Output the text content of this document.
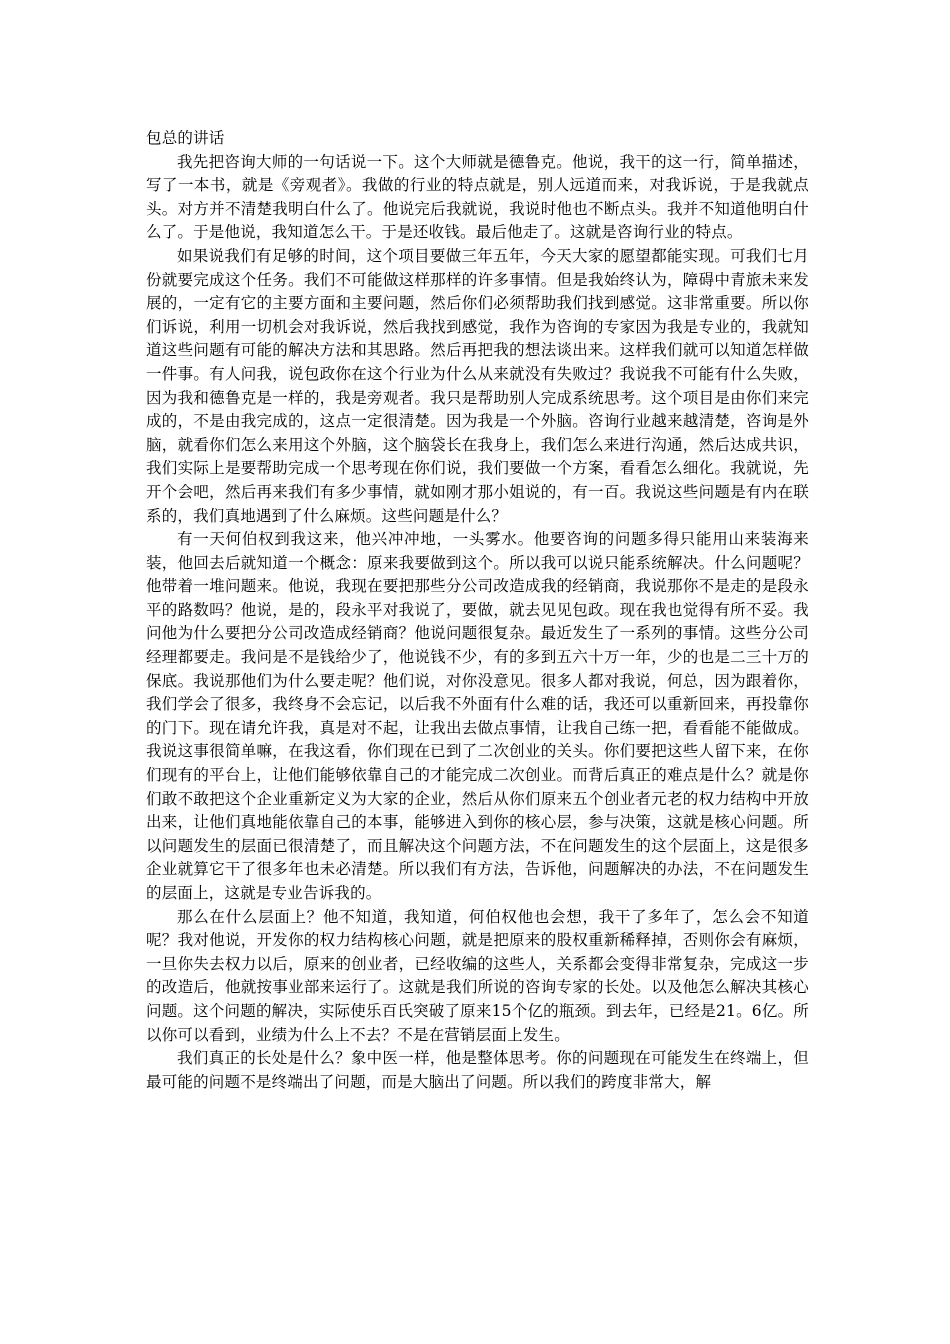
包总的讲话

我先把咨询大师的一句话说一下。这个大师就是德鲁克。他说，我干的这一行，简单描述，写了一本书，就是《旁观者》。我做的行业的特点就是，别人远道而来，对我诉说，于是我就点头。对方并不清楚我明白什么了。他说完后我就说，我说时他也不断点头。我并不知道他明白什么了。于是他说，我知道怎么干。于是还收钱。最后他走了。这就是咨询行业的特点。

如果说我们有足够的时间，这个项目要做三年五年，今天大家的愿望都能实现。可我们七月份就要完成这个任务。我们不可能做这样那样的许多事情。但是我始终认为，障碍中青旅未来发展的，一定有它的主要方面和主要问题，然后你们必须帮助我们找到感觉。这非常重要。所以你们诉说，利用一切机会对我诉说，然后我找到感觉，我作为咨询的专家因为我是专业的，我就知道这些问题有可能的解决方法和其思路。然后再把我的想法谈出来。这样我们就可以知道怎样做一件事。有人问我，说包政你在这个行业为什么从来就没有失败过？我说我不可能有什么失败，因为我和德鲁克是一样的，我是旁观者。我只是帮助别人完成系统思考。这个项目是由你们来完成的，不是由我完成的，这点一定很清楚。因为我是一个外脑。咨询行业越来越清楚，咨询是外脑，就看你们怎么来用这个外脑，这个脑袋长在我身上，我们怎么来进行沟通，然后达成共识，我们实际上是要帮助完成一个思考现在你们说，我们要做一个方案，看看怎么细化。我就说，先开个会吧，然后再来我们有多少事情，就如刚才那小姐说的，有一百。我说这些问题是有内在联系的，我们真地遇到了什么麻烦。这些问题是什么？

有一天何伯权到我这来，他兴冲冲地，一头雾水。他要咨询的问题多得只能用山来装海来装，他回去后就知道一个概念：原来我要做到这个。所以我可以说只能系统解决。什么问题呢？他带着一堆问题来。他说，我现在要把那些分公司改造成我的经销商，我说那你不是走的是段永平的路数吗？他说，是的，段永平对我说了，要做，就去见见包政。现在我也觉得有所不妥。我问他为什么要把分公司改造成经销商？他说问题很复杂。最近发生了一系列的事情。这些分公司经理都要走。我问是不是钱给少了，他说钱不少，有的多到五六十万一年，少的也是二三十万的保底。我说那他们为什么要走呢？他们说，对你没意见。很多人都对我说，何总，因为跟着你，我们学会了很多，我终身不会忘记，以后我不外面有什么难的话，我还可以重新回来，再投靠你的门下。现在请允许我，真是对不起，让我出去做点事情，让我自己练一把，看看能不能做成。我说这事很简单嘛，在我这看，你们现在已到了二次创业的关头。你们要把这些人留下来，在你们现有的平台上，让他们能够依靠自己的才能完成二次创业。而背后真正的难点是什么？就是你们敢不敢把这个企业重新定义为大家的企业，然后从你们原来五个创业者元老的权力结构中开放出来，让他们真地能依靠自己的本事，能够进入到你的核心层，参与决策，这就是核心问题。所以问题发生的层面已很清楚了，而且解决这个问题方法，不在问题发生的这个层面上，这是很多企业就算它干了很多年也未必清楚。所以我们有方法，告诉他，问题解决的办法，不在问题发生的层面上，这就是专业告诉我的。

那么在什么层面上？他不知道，我知道，何伯权他也会想，我干了多年了，怎么会不知道呢？我对他说，开发你的权力结构核心问题，就是把原来的股权重新稀释掉，否则你会有麻烦，一旦你失去权力以后，原来的创业者，已经收编的这些人，关系都会变得非常复杂，完成这一步的改造后，他就按事业部来运行了。这就是我们所说的咨询专家的长处。以及他怎么解决其核心问题。这个问题的解决，实际使乐百氏突破了原来15个亿的瓶颈。到去年，已经是21。6亿。所以你可以看到，业绩为什么上不去？不是在营销层面上发生。

我们真正的长处是什么？象中医一样，他是整体思考。你的问题现在可能发生在终端上，但最可能的问题不是终端出了问题，而是大脑出了问题。所以我们的跨度非常大，解
